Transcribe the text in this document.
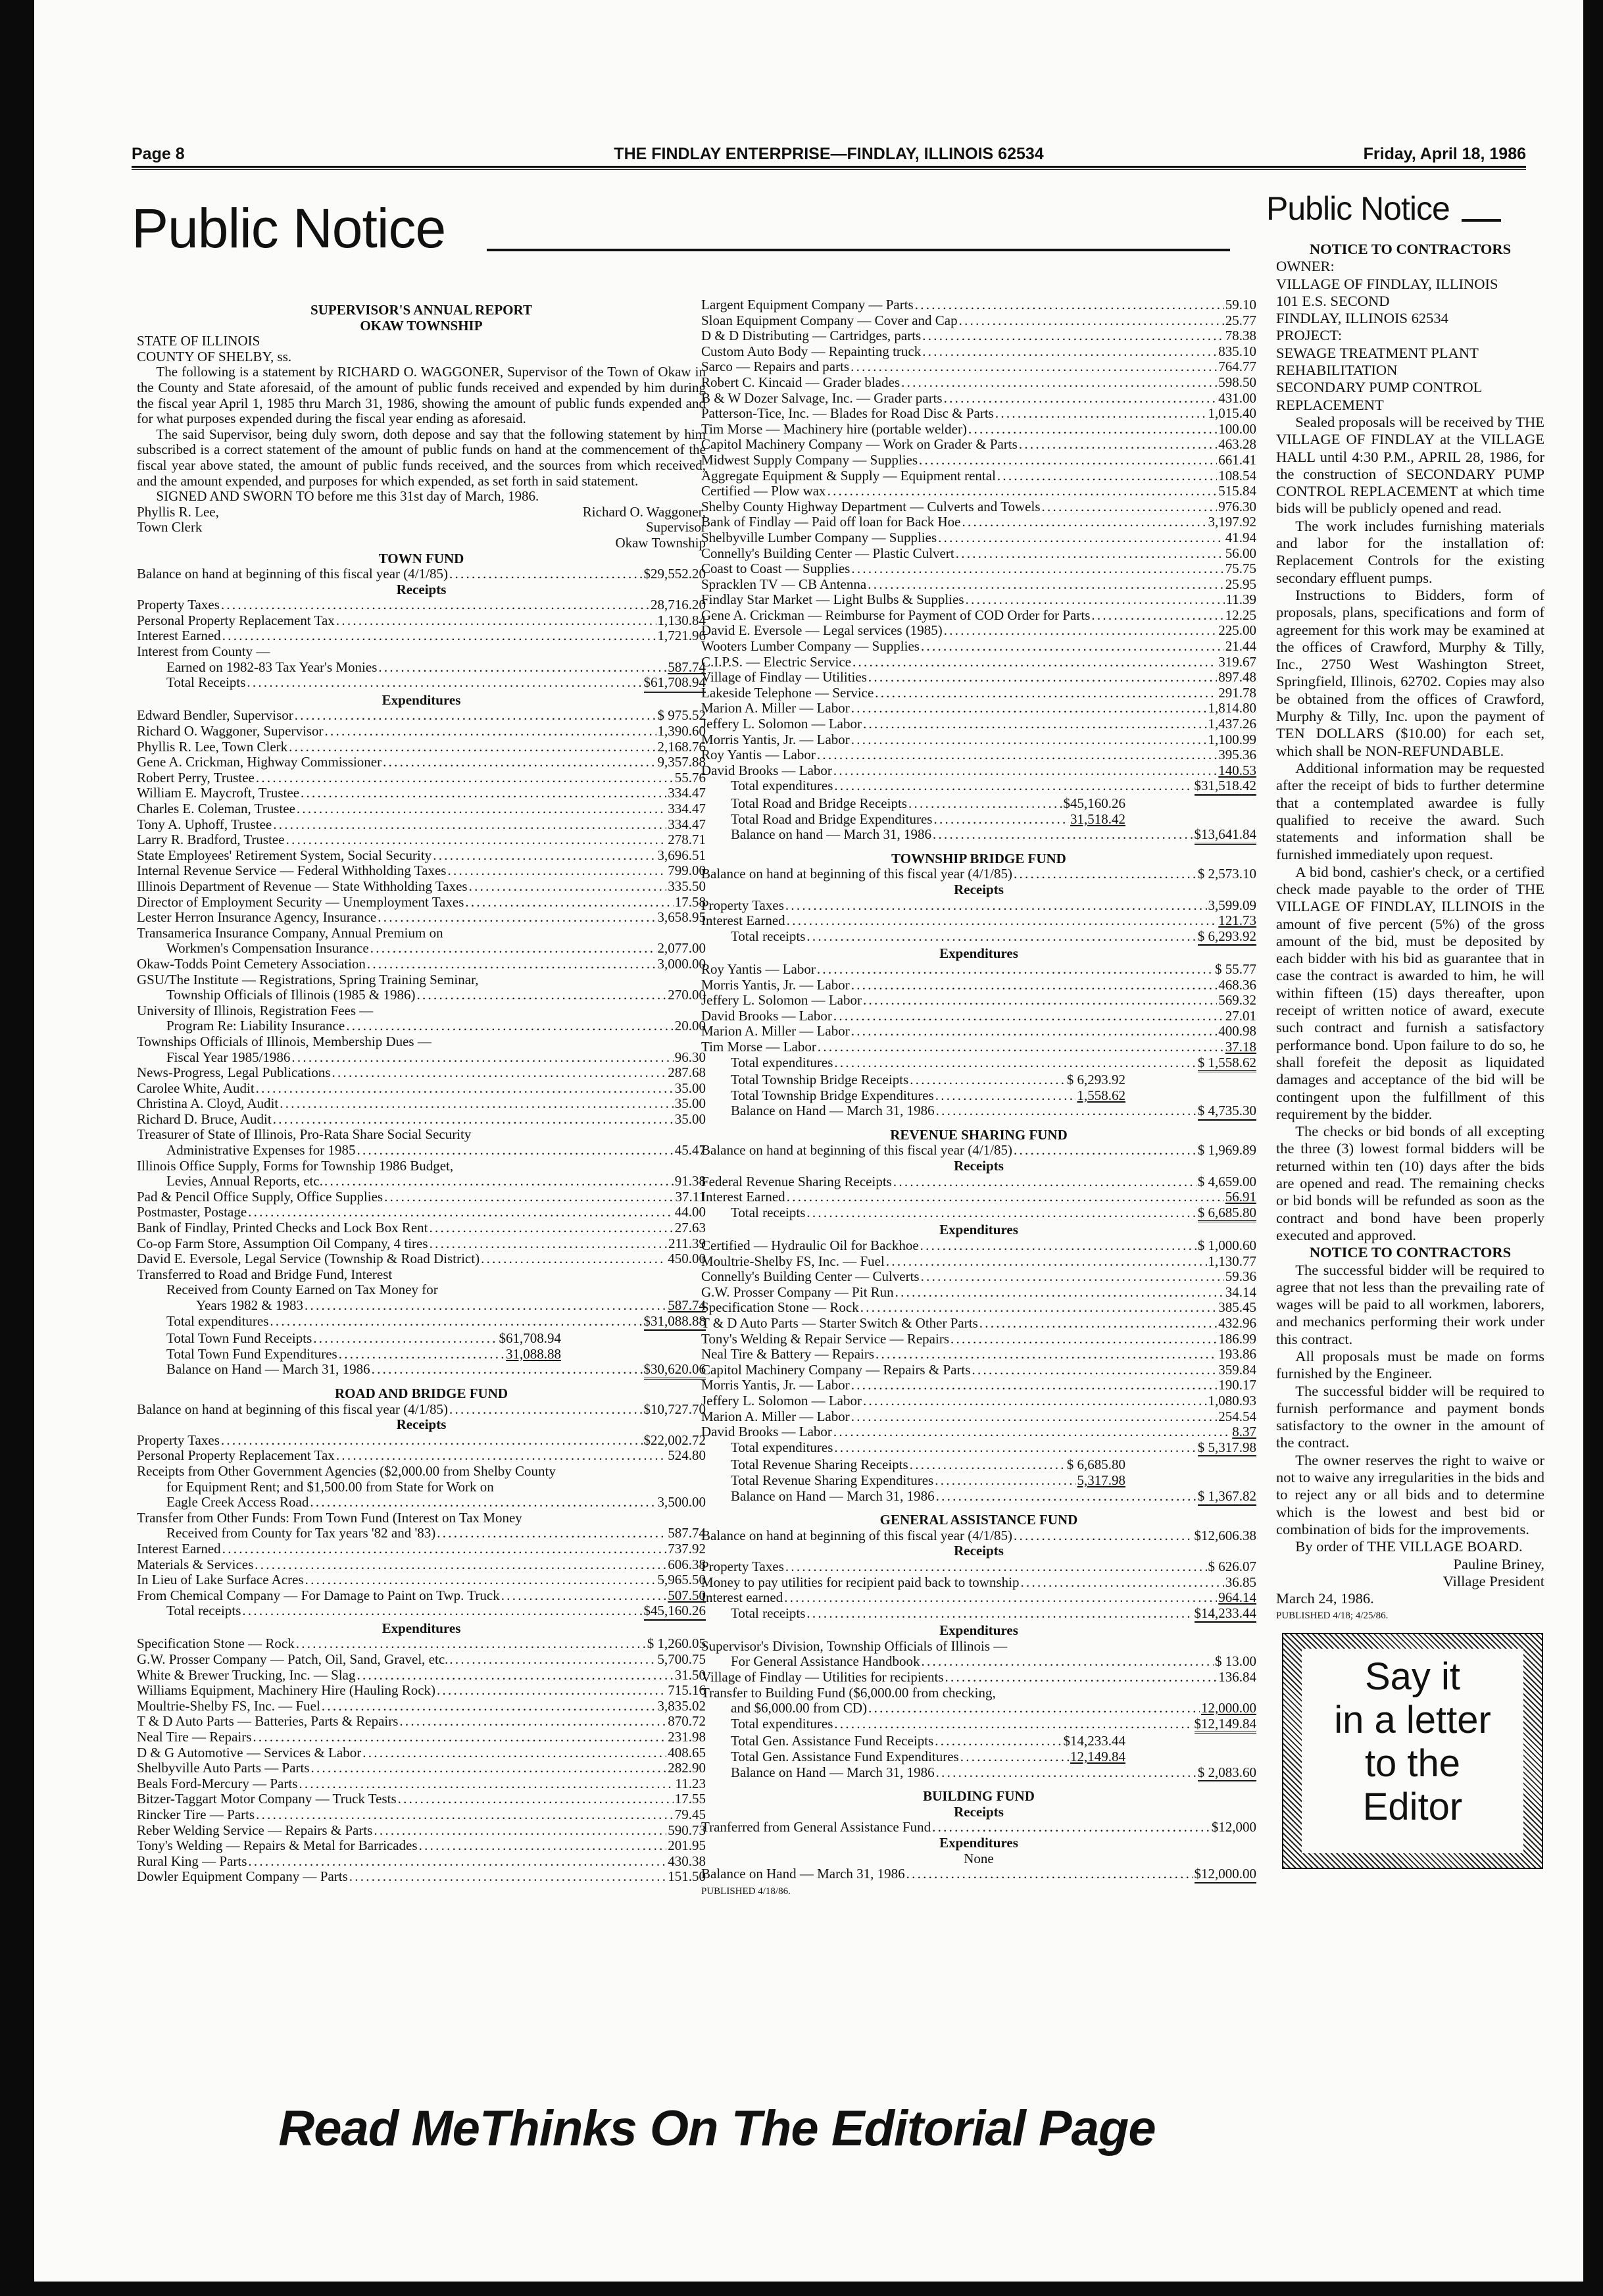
Page 8	THE FINDLAY ENTERPRISE—FINDLAY, ILLINOIS 62534	Friday, April 18, 1986
Public Notice
SUPERVISOR'S ANNUAL REPORT
OKAW TOWNSHIP
STATE OF ILLINOIS
COUNTY OF SHELBY, ss.

The following is a statement by RICHARD O. WAGGONER, Supervisor of the Town of Okaw in the County and State aforesaid, of the amount of public funds received and expended by him during the fiscal year April 1, 1985 thru March 31, 1986, showing the amount of public funds expended and for what purposes expended during the fiscal year ending as aforesaid.

The said Supervisor, being duly sworn, doth depose and say that the following statement by him subscribed is a correct statement of the amount of public funds on hand at the commencement of the fiscal year above stated, the amount of public funds received, and the sources from which received, and the amount expended, and purposes for which expended, as set forth in said statement.

SIGNED AND SWORN TO before me this 31st day of March, 1986.

Phyllis R. Lee,	Richard O. Waggoner,
Town Clerk	Supervisor
Okaw Township
TOWN FUND
Balance on hand at beginning of this fiscal year (4/1/85) . . .	$29,552.20
Receipts
Property Taxes . . .	28,716.20
Personal Property Replacement Tax . . .	1,130.84
Interest Earned . . .	1,721.96
Interest from County —
Earned on 1982-83 Tax Year's Monies . . .	587.74
Total Receipts . . .	$61,708.94
Expenditures
Edward Bendler, Supervisor . . .	$ 975.52
Richard O. Waggoner, Supervisor . . .	1,390.60
Phyllis R. Lee, Town Clerk . . .	2,168.76
Gene A. Crickman, Highway Commissioner . . .	9,357.88
Robert Perry, Trustee . . .	55.76
William E. Maycroft, Trustee . . .	334.47
Charles E. Coleman, Trustee . . .	334.47
Tony A. Uphoff, Trustee . . .	334.47
Larry R. Bradford, Trustee . . .	278.71
State Employees' Retirement System, Social Security . . .	3,696.51
Internal Revenue Service — Federal Withholding Taxes . . .	799.00
Illinois Department of Revenue — State Withholding Taxes . . .	335.50
Director of Employment Security — Unemployment Taxes . . .	17.58
Lester Herron Insurance Agency, Insurance . . .	3,658.95
Transamerica Insurance Company, Annual Premium on
Workmen's Compensation Insurance . . .	2,077.00
Okaw-Todds Point Cemetery Association . . .	3,000.00
GSU/The Institute — Registrations, Spring Training Seminar,
Township Officials of Illinois (1985 & 1986) . . .	270.00
University of Illinois, Registration Fees —
Program Re: Liability Insurance . . .	20.00
Townships Officials of Illinois, Membership Dues —
Fiscal Year 1985/1986 . . .	96.30
News-Progress, Legal Publications . . .	287.68
Carolee White, Audit . . .	35.00
Christina A. Cloyd, Audit . . .	35.00
Richard D. Bruce, Audit . . .	35.00
Treasurer of State of Illinois, Pro-Rata Share Social Security
Administrative Expenses for 1985 . . .	45.47
Illinois Office Supply, Forms for Township 1986 Budget,
Levies, Annual Reports, etc. . . .	91.38
Pad & Pencil Office Supply, Office Supplies . . .	37.11
Postmaster, Postage . . .	44.00
Bank of Findlay, Printed Checks and Lock Box Rent . . .	27.63
Co-op Farm Store, Assumption Oil Company, 4 tires . . .	211.39
David E. Eversole, Legal Service (Township & Road District) . . .	450.00
Transferred to Road and Bridge Fund, Interest
Received from County Earned on Tax Money for
Years 1982 & 1983 . . .	587.74
Total expenditures . . .	$31,088.88
Total Town Fund Receipts . . .	$61,708.94
Total Town Fund Expenditures . . .	31,088.88
Balance on Hand — March 31, 1986 . . .	$30,620.06
ROAD AND BRIDGE FUND
Balance on hand at beginning of this fiscal year (4/1/85) . . .	$10,727.70
Receipts
Property Taxes . . .	$22,002.72
Personal Property Replacement Tax . . .	524.80
Receipts from Other Government Agencies ($2,000.00 from Shelby County
for Equipment Rent; and $1,500.00 from State for Work on
Eagle Creek Access Road . . .	3,500.00
Transfer from Other Funds: From Town Fund (Interest on Tax Money
Received from County for Tax years '82 and '83) . . .	587.74
Interest Earned . . .	737.92
Materials & Services . . .	606.38
In Lieu of Lake Surface Acres . . .	5,965.50
From Chemical Company — For Damage to Paint on Twp. Truck . . .	507.50
Total receipts . . .	$45,160.26
Expenditures
Specification Stone — Rock . . .	$ 1,260.05
G.W. Prosser Company — Patch, Oil, Sand, Gravel, etc. . . .	5,700.75
White & Brewer Trucking, Inc. — Slag . . .	31.50
Williams Equipment, Machinery Hire (Hauling Rock) . . .	715.16
Moultrie-Shelby FS, Inc. — Fuel . . .	3,835.02
T & D Auto Parts — Batteries, Parts & Repairs . . .	870.72
Neal Tire — Repairs . . .	231.98
D & G Automotive — Services & Labor . . .	408.65
Shelbyville Auto Parts — Parts . . .	282.90
Beals Ford-Mercury — Parts . . .	11.23
Bitzer-Taggart Motor Company — Truck Tests . . .	17.55
Rincker Tire — Parts . . .	79.45
Reber Welding Service — Repairs & Parts . . .	590.73
Tony's Welding — Repairs & Metal for Barricades . . .	201.95
Rural King — Parts . . .	430.38
Dowler Equipment Company — Parts . . .	151.50
Largent Equipment Company — Parts . . .	59.10
Sloan Equipment Company — Cover and Cap . . .	25.77
D & D Distributing — Cartridges, parts . . .	78.38
Custom Auto Body — Repainting truck . . .	835.10
Sarco — Repairs and parts . . .	764.77
Robert C. Kincaid — Grader blades . . .	598.50
B & W Dozer Salvage, Inc. — Grader parts . . .	431.00
Patterson-Tice, Inc. — Blades for Road Disc & Parts . . .	1,015.40
Tim Morse — Machinery hire (portable welder) . . .	100.00
Capitol Machinery Company — Work on Grader & Parts . . .	463.28
Midwest Supply Company — Supplies . . .	661.41
Aggregate Equipment & Supply — Equipment rental . . .	108.54
Certified — Plow wax . . .	515.84
Shelby County Highway Department — Culverts and Towels . . .	976.30
Bank of Findlay — Paid off loan for Back Hoe . . .	3,197.92
Shelbyville Lumber Company — Supplies . . .	41.94
Connelly's Building Center — Plastic Culvert . . .	56.00
Coast to Coast — Supplies . . .	75.75
Spracklen TV — CB Antenna . . .	25.95
Findlay Star Market — Light Bulbs & Supplies . . .	11.39
Gene A. Crickman — Reimburse for Payment of COD Order for Parts . . .	12.25
David E. Eversole — Legal services (1985) . . .	225.00
Wooters Lumber Company — Supplies . . .	21.44
C.I.P.S. — Electric Service . . .	319.67
Village of Findlay — Utilities . . .	897.48
Lakeside Telephone — Service . . .	291.78
Marion A. Miller — Labor . . .	1,814.80
Jeffery L. Solomon — Labor . . .	1,437.26
Morris Yantis, Jr. — Labor . . .	1,100.99
Roy Yantis — Labor . . .	395.36
David Brooks — Labor . . .	140.53
Total expenditures . . .	$31,518.42
Total Road and Bridge Receipts . . .	$45,160.26
Total Road and Bridge Expenditures . . .	31,518.42
Balance on hand — March 31, 1986 . . .	$13,641.84
TOWNSHIP BRIDGE FUND
Balance on hand at beginning of this fiscal year (4/1/85) . . .	$ 2,573.10
Receipts
Property Taxes . . .	3,599.09
Interest Earned . . .	121.73
Total receipts . . .	$ 6,293.92
Expenditures
Roy Yantis — Labor . . .	$ 55.77
Morris Yantis, Jr. — Labor . . .	468.36
Jeffery L. Solomon — Labor . . .	569.32
David Brooks — Labor . . .	27.01
Marion A. Miller — Labor . . .	400.98
Tim Morse — Labor . . .	37.18
Total expenditures . . .	$ 1,558.62
Total Township Bridge Receipts . . .	$ 6,293.92
Total Township Bridge Expenditures . . .	1,558.62
Balance on Hand — March 31, 1986 . . .	$ 4,735.30
REVENUE SHARING FUND
Balance on hand at beginning of this fiscal year (4/1/85) . . .	$ 1,969.89
Receipts
Federal Revenue Sharing Receipts . . .	$ 4,659.00
Interest Earned . . .	56.91
Total receipts . . .	$ 6,685.80
Expenditures
Certified — Hydraulic Oil for Backhoe . . .	$ 1,000.60
Moultrie-Shelby FS, Inc. — Fuel . . .	1,130.77
Connelly's Building Center — Culverts . . .	59.36
G.W. Prosser Company — Pit Run . . .	34.14
Specification Stone — Rock . . .	385.45
T & D Auto Parts — Starter Switch & Other Parts . . .	432.96
Tony's Welding & Repair Service — Repairs . . .	186.99
Neal Tire & Battery — Repairs . . .	193.86
Capitol Machinery Company — Repairs & Parts . . .	359.84
Morris Yantis, Jr. — Labor . . .	190.17
Jeffery L. Solomon — Labor . . .	1,080.93
Marion A. Miller — Labor . . .	254.54
David Brooks — Labor . . .	8.37
Total expenditures . . .	$ 5,317.98
Total Revenue Sharing Receipts . . .	$ 6,685.80
Total Revenue Sharing Expenditures . . .	5,317.98
Balance on Hand — March 31, 1986 . . .	$ 1,367.82
GENERAL ASSISTANCE FUND
Balance on hand at beginning of this fiscal year (4/1/85) . . .	$12,606.38
Receipts
Property Taxes . . .	$ 626.07
Money to pay utilities for recipient paid back to township . . .	36.85
Interest earned . . .	964.14
Total receipts . . .	$14,233.44
Expenditures
Supervisor's Division, Township Officials of Illinois —
For General Assistance Handbook . . .	$ 13.00
Village of Findlay — Utilities for recipients . . .	136.84
Transfer to Building Fund ($6,000.00 from checking,
and $6,000.00 from CD) . . .	12,000.00
Total expenditures . . .	$12,149.84
Total Gen. Assistance Fund Receipts . . .	$14,233.44
Total Gen. Assistance Fund Expenditures . . .	12,149.84
Balance on Hand — March 31, 1986 . . .	$ 2,083.60
BUILDING FUND
Receipts
Tranferred from General Assistance Fund . . .	$12,000
Expenditures
None
Balance on Hand — March 31, 1986 . . .	$12,000.00
PUBLISHED 4/18/86.
Public Notice
NOTICE TO CONTRACTORS
OWNER:
VILLAGE OF FINDLAY, ILLINOIS
101 E.S. SECOND
FINDLAY, ILLINOIS 62534
PROJECT:
SEWAGE TREATMENT PLANT REHABILITATION
SECONDARY PUMP CONTROL REPLACEMENT

Sealed proposals will be received by THE VILLAGE OF FINDLAY at the VILLAGE HALL until 4:30 P.M., APRIL 28, 1986, for the construction of SECONDARY PUMP CONTROL REPLACEMENT at which time bids will be publicly opened and read.

The work includes furnishing materials and labor for the installation of: Replacement Controls for the existing secondary effluent pumps.

Instructions to Bidders, form of proposals, plans, specifications and form of agreement for this work may be examined at the offices of Crawford, Murphy & Tilly, Inc., 2750 West Washington Street, Springfield, Illinois, 62702. Copies may also be obtained from the offices of Crawford, Murphy & Tilly, Inc. upon the payment of TEN DOLLARS ($10.00) for each set, which shall be NON-REFUNDABLE.

Additional information may be requested after the receipt of bids to further determine that a contemplated awardee is fully qualified to receive the award. Such statements and information shall be furnished immediately upon request.

A bid bond, cashier's check, or a certified check made payable to the order of THE VILLAGE OF FINDLAY, ILLINOIS in the amount of five percent (5%) of the gross amount of the bid, must be deposited by each bidder with his bid as guarantee that in case the contract is awarded to him, he will within fifteen (15) days thereafter, upon receipt of written notice of award, execute such contract and furnish a satisfactory performance bond. Upon failure to do so, he shall forefeit the deposit as liquidated damages and acceptance of the bid will be contingent upon the fulfillment of this requirement by the bidder.

The checks or bid bonds of all excepting the three (3) lowest formal bidders will be returned within ten (10) days after the bids are opened and read. The remaining checks or bid bonds will be refunded as soon as the contract and bond have been properly executed and approved.

NOTICE TO CONTRACTORS

The successful bidder will be required to agree that not less than the prevailing rate of wages will be paid to all workmen, laborers, and mechanics performing their work under this contract.

All proposals must be made on forms furnished by the Engineer.

The successful bidder will be required to furnish performance and payment bonds satisfactory to the owner in the amount of the contract.

The owner reserves the right to waive or not to waive any irregularities in the bids and to reject any or all bids and to determine which is the lowest and best bid or combination of bids for the improvements.

By order of THE VILLAGE BOARD.

Pauline Briney,

Village President

March 24, 1986.

PUBLISHED 4/18; 4/25/86.

Say it
in a letter
to the
Editor
Read MeThinks On The Editorial Page
